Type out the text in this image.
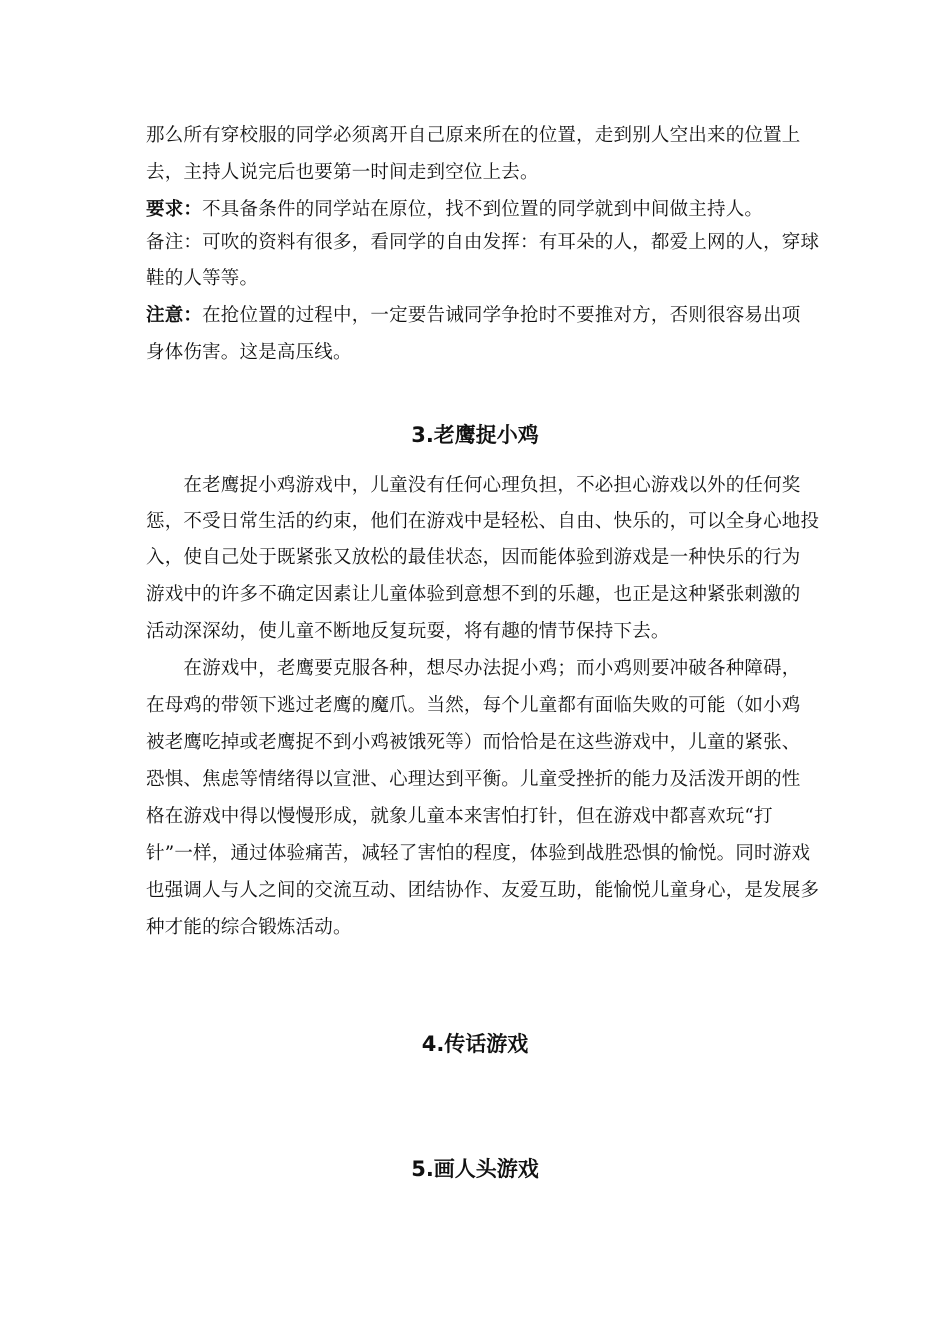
那么所有穿校服的同学必须离开自己原来所在的位置，走到别人空出来的位置上
去，主持人说完后也要第一时间走到空位上去。
要求：不具备条件的同学站在原位，找不到位置的同学就到中间做主持人。
备注：可吹的资料有很多，看同学的自由发挥：有耳朵的人，都爱上网的人，穿球
鞋的人等等。
注意：在抢位置的过程中，一定要告诫同学争抢时不要推对方，否则很容易出项
身体伤害。这是高压线。
3.老鹰捉小鸡
　　在老鹰捉小鸡游戏中，儿童没有任何心理负担，不必担心游戏以外的任何奖
惩，不受日常生活的约束，他们在游戏中是轻松、自由、快乐的，可以全身心地投
入，使自己处于既紧张又放松的最佳状态，因而能体验到游戏是一种快乐的行为
游戏中的许多不确定因素让儿童体验到意想不到的乐趣，也正是这种紧张刺激的
活动深深幼，使儿童不断地反复玩耍，将有趣的情节保持下去。
　　在游戏中，老鹰要克服各种，想尽办法捉小鸡；而小鸡则要冲破各种障碍，
在母鸡的带领下逃过老鹰的魔爪。当然，每个儿童都有面临失败的可能（如小鸡
被老鹰吃掉或老鹰捉不到小鸡被饿死等）而恰恰是在这些游戏中，儿童的紧张、
恐惧、焦虑等情绪得以宣泄、心理达到平衡。儿童受挫折的能力及活泼开朗的性
格在游戏中得以慢慢形成，就象儿童本来害怕打针，但在游戏中都喜欢玩“打
针”一样，通过体验痛苦，减轻了害怕的程度，体验到战胜恐惧的愉悦。同时游戏
也强调人与人之间的交流互动、团结协作、友爱互助，能愉悦儿童身心，是发展多
种才能的综合锻炼活动。
4.传话游戏
5.画人头游戏
